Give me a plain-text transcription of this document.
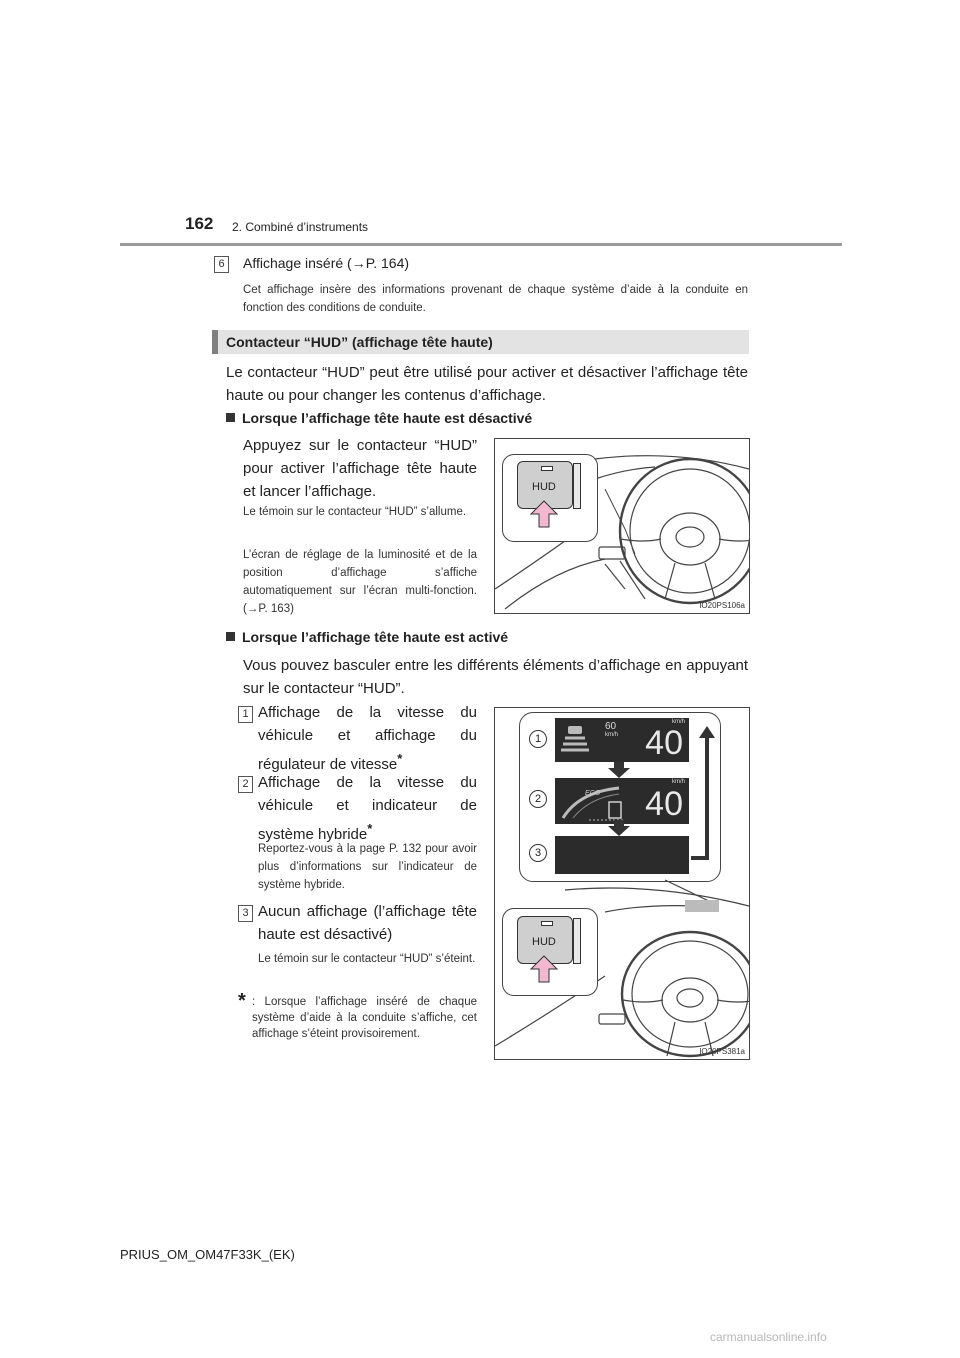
162 2. Combiné d’instruments
6	Affichage inséré (→P. 164)
Cet affichage insère des informations provenant de chaque système d’aide à la conduite en fonction des conditions de conduite.
Contacteur “HUD” (affichage tête haute)
Le contacteur “HUD” peut être utilisé pour activer et désactiver l’affichage tête haute ou pour changer les contenus d’affichage.
Lorsque l’affichage tête haute est désactivé
Appuyez sur le contacteur “HUD” pour activer l’affichage tête haute et lancer l’affichage.
Le témoin sur le contacteur “HUD” s’allume.
L’écran de réglage de la luminosité et de la position d’affichage s’affiche automatiquement sur l’écran multi-fonction. (→P. 163)
HUD
IO20PS106a
Lorsque l’affichage tête haute est activé
Vous pouvez basculer entre les différents éléments d’affichage en appuyant sur le contacteur “HUD”.
1 Affichage de la vitesse du véhicule et affichage du régulateur de vitesse*
2 Affichage de la vitesse du véhicule et indicateur de système hybride*
Reportez-vous à la page P. 132 pour avoir plus d’informations sur l’indicateur de système hybride.
3 Aucun affichage (l’affichage tête haute est désactivé)
Le témoin sur le contacteur “HUD” s’éteint.
* : Lorsque l’affichage inséré de chaque système d’aide à la conduite s’affiche, cet affichage s’éteint provisoirement.
60
km/h
km/h
40
ECO
km/h
40
1
2
3
HUD
IO20PS381a
PRIUS_OM_OM47F33K_(EK)
carmanualsonline.info
